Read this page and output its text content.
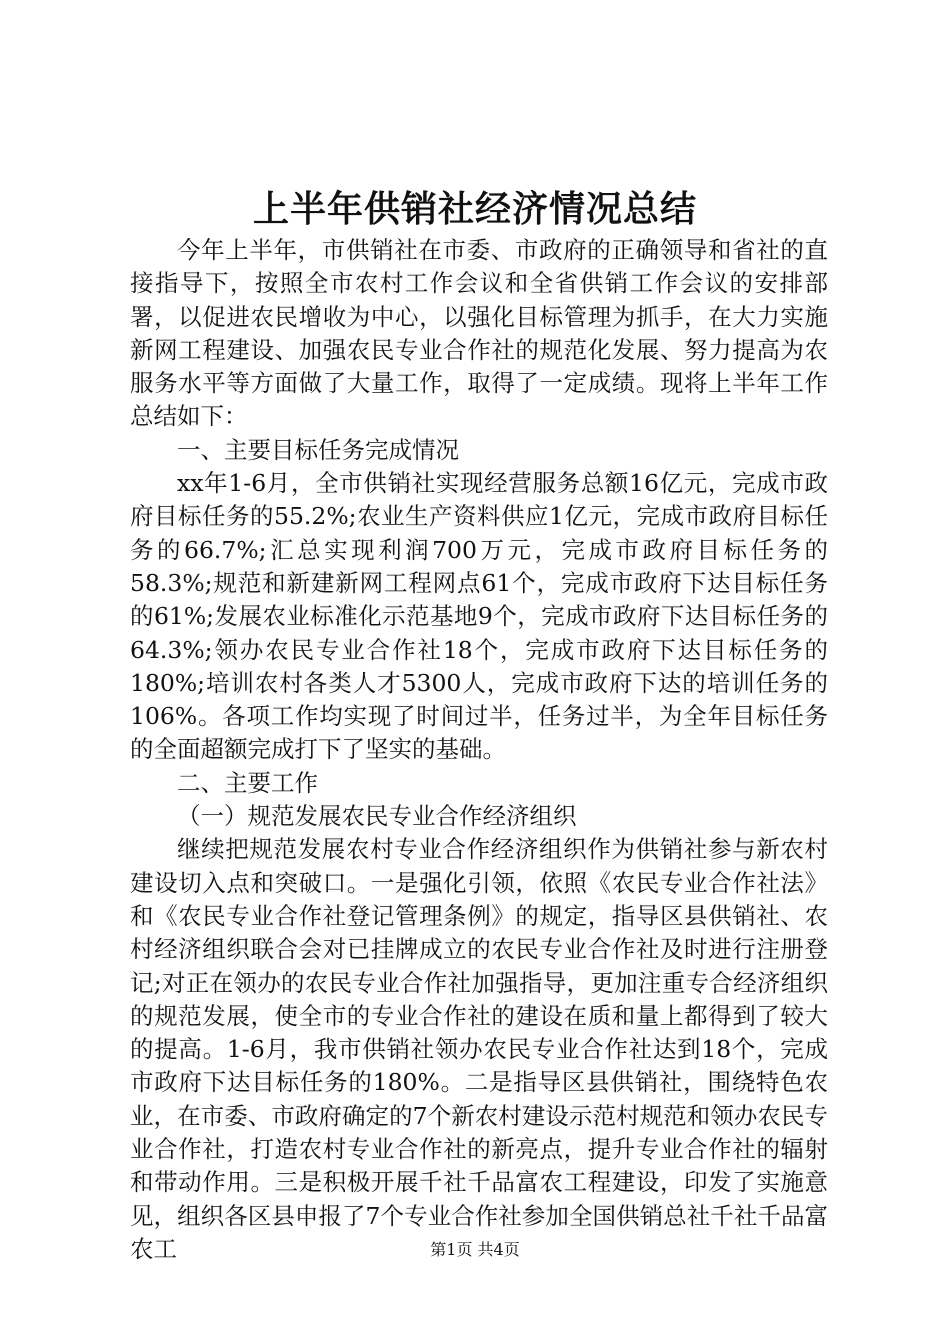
上半年供销社经济情况总结

今年上半年，市供销社在市委、市政府的正确领导和省社的直接指导下，按照全市农村工作会议和全省供销工作会议的安排部署，以促进农民增收为中心，以强化目标管理为抓手，在大力实施新网工程建设、加强农民专业合作社的规范化发展、努力提高为农服务水平等方面做了大量工作，取得了一定成绩。现将上半年工作总结如下：

一、主要目标任务完成情况

xx年1-6月，全市供销社实现经营服务总额16亿元，完成市政府目标任务的55.2%;农业生产资料供应1亿元，完成市政府目标任务的66.7%;汇总实现利润700万元，完成市政府目标任务的58.3%;规范和新建新网工程网点61个，完成市政府下达目标任务的61%;发展农业标准化示范基地9个，完成市政府下达目标任务的64.3%;领办农民专业合作社18个，完成市政府下达目标任务的180%;培训农村各类人才5300人，完成市政府下达的培训任务的106%。各项工作均实现了时间过半，任务过半，为全年目标任务的全面超额完成打下了坚实的基础。

二、主要工作

（一）规范发展农民专业合作经济组织

继续把规范发展农村专业合作经济组织作为供销社参与新农村建设切入点和突破口。一是强化引领，依照《农民专业合作社法》和《农民专业合作社登记管理条例》的规定，指导区县供销社、农村经济组织联合会对已挂牌成立的农民专业合作社及时进行注册登记;对正在领办的农民专业合作社加强指导，更加注重专合经济组织的规范发展，使全市的专业合作社的建设在质和量上都得到了较大的提高。1-6月，我市供销社领办农民专业合作社达到18个，完成市政府下达目标任务的180%。二是指导区县供销社，围绕特色农业，在市委、市政府确定的7个新农村建设示范村规范和领办农民专业合作社，打造农村专业合作社的新亮点，提升专业合作社的辐射和带动作用。三是积极开展千社千品富农工程建设，印发了实施意见，组织各区县申报了7个专业合作社参加全国供销总社千社千品富农工	第1页 共4页
